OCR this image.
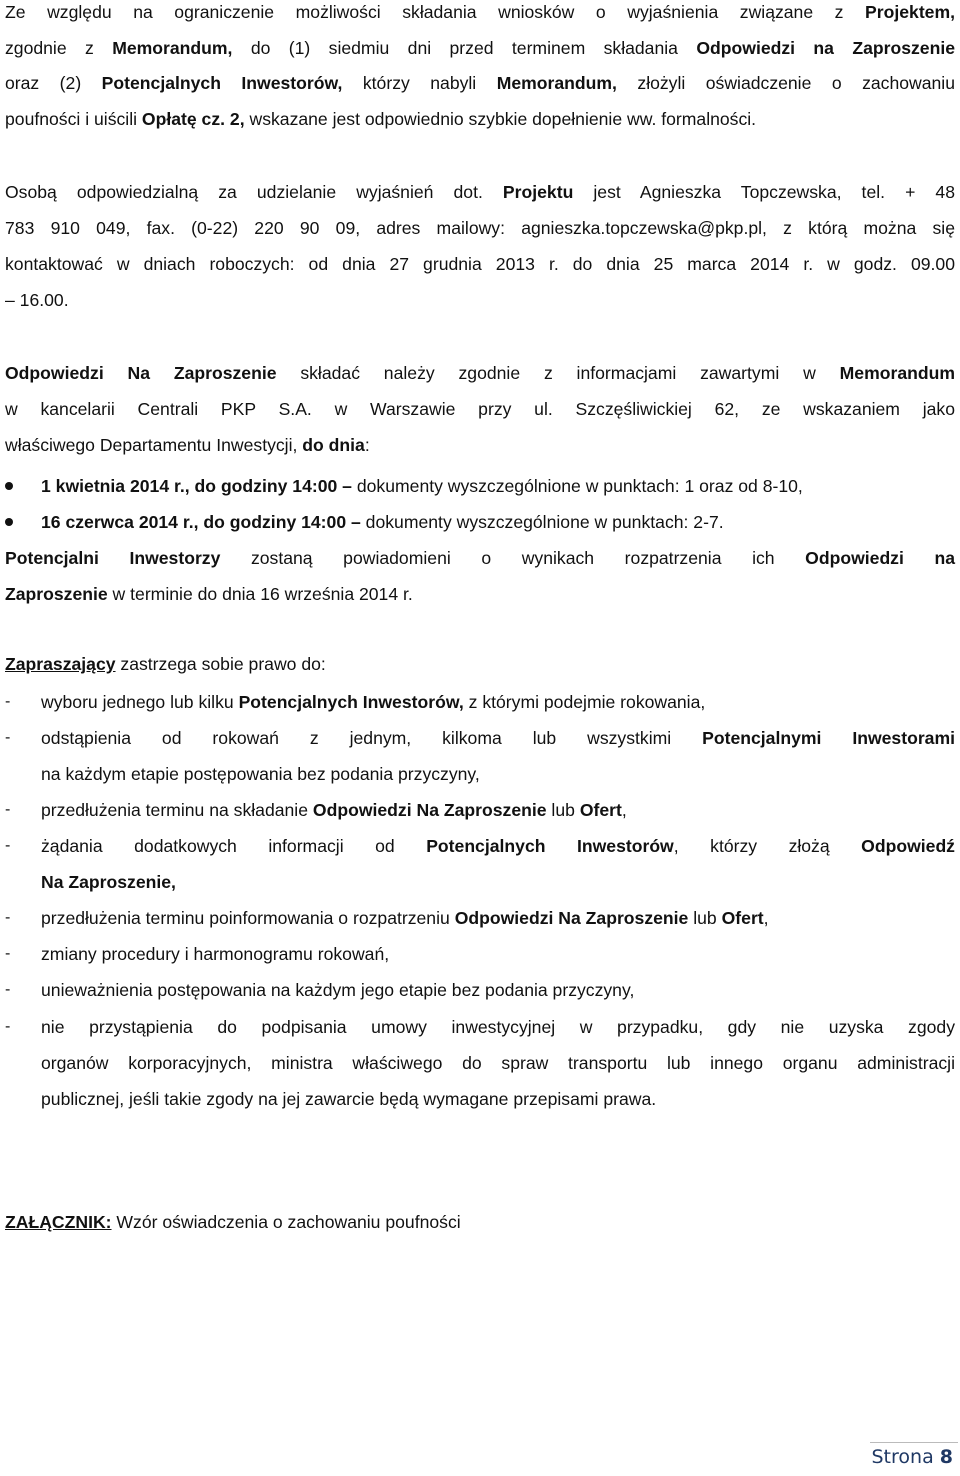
Ze względu na ograniczenie możliwości składania wniosków o wyjaśnienia związane z Projektem,
zgodnie z Memorandum, do (1) siedmiu dni przed terminem składania Odpowiedzi na Zaproszenie
oraz (2) Potencjalnych Inwestorów, którzy nabyli Memorandum, złożyli oświadczenie o zachowaniu
poufności i uiścili Opłatę cz. 2, wskazane jest odpowiednio szybkie dopełnienie ww. formalności.
Osobą odpowiedzialną za udzielanie wyjaśnień dot. Projektu jest Agnieszka Topczewska, tel. + 48
783 910 049, fax. (0-22) 220 90 09, adres mailowy: agnieszka.topczewska@pkp.pl, z którą można się
kontaktować w dniach roboczych: od dnia 27 grudnia 2013 r. do dnia 25 marca 2014 r. w godz. 09.00
– 16.00.
Odpowiedzi Na Zaproszenie składać należy zgodnie z informacjami zawartymi w Memorandum
w kancelarii Centrali PKP S.A. w Warszawie przy ul. Szczęśliwickiej 62, ze wskazaniem jako
właściwego Departamentu Inwestycji, do dnia:
1 kwietnia 2014 r., do godziny 14:00 – dokumenty wyszczególnione w punktach: 1 oraz od 8-10,
16 czerwca 2014 r., do godziny 14:00 – dokumenty wyszczególnione w punktach: 2-7.
Potencjalni Inwestorzy zostaną powiadomieni o wynikach rozpatrzenia ich Odpowiedzi na
Zaproszenie w terminie do dnia 16 września 2014 r.
Zapraszający zastrzega sobie prawo do:
-	wyboru jednego lub kilku Potencjalnych Inwestorów, z którymi podejmie rokowania,
-	odstąpienia od rokowań z jednym, kilkoma lub wszystkimi Potencjalnymi Inwestorami
na każdym etapie postępowania bez podania przyczyny,
-	przedłużenia terminu na składanie Odpowiedzi Na Zaproszenie lub Ofert,
-	żądania dodatkowych informacji od Potencjalnych Inwestorów, którzy złożą Odpowiedź
Na Zaproszenie,
-	przedłużenia terminu poinformowania o rozpatrzeniu Odpowiedzi Na Zaproszenie lub Ofert,
-	zmiany procedury i harmonogramu rokowań,
-	unieważnienia postępowania na każdym jego etapie bez podania przyczyny,
-	nie przystąpienia do podpisania umowy inwestycyjnej w przypadku, gdy nie uzyska zgody
organów korporacyjnych, ministra właściwego do spraw transportu lub innego organu administracji
publicznej, jeśli takie zgody na jej zawarcie będą wymagane przepisami prawa.
ZAŁĄCZNIK: Wzór oświadczenia o zachowaniu poufności
Strona 8
